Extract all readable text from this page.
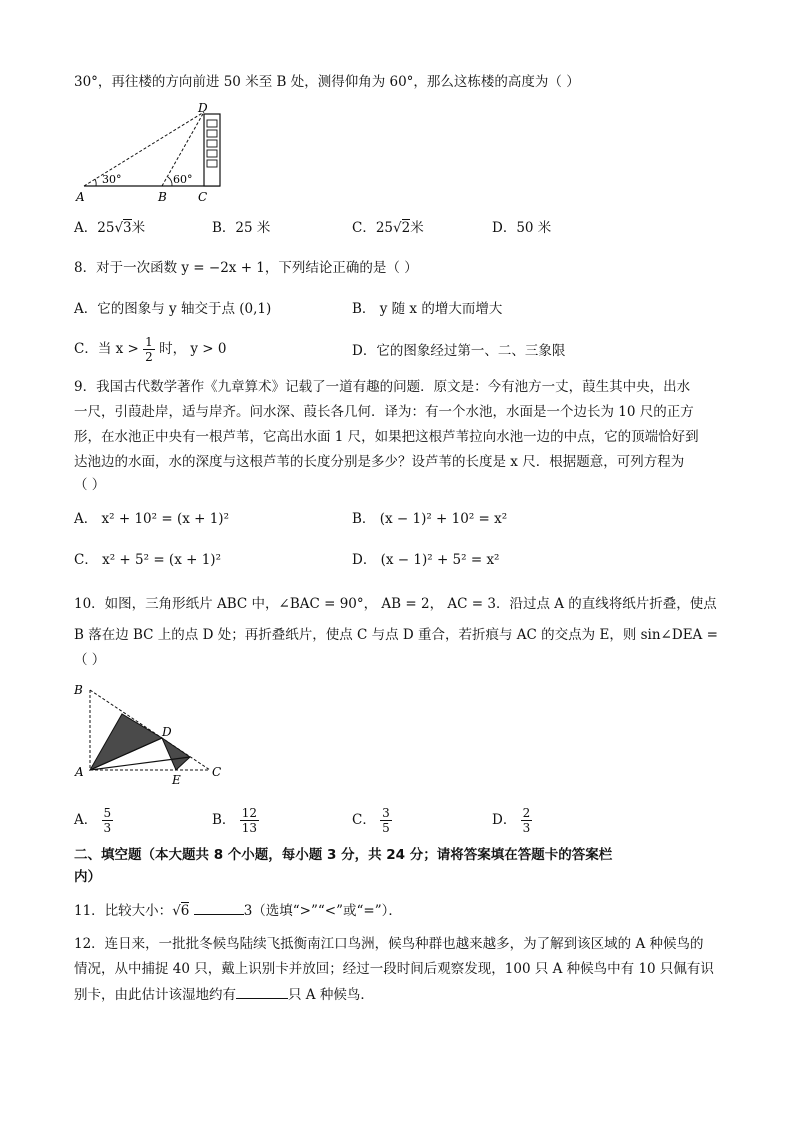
30°，再往楼的方向前进 50 米至 B 处，测得仰角为 60°，那么这栋楼的高度为（ ）
A	B	C
D
30°	60°
A．25√3米	B．25 米	C．25√2米	D．50 米
8．对于一次函数 y = −2x + 1，下列结论正确的是（ ）
A．它的图象与 y 轴交于点 (0,1)	B． y 随 x 的增大而增大
C．当 $x > \frac{1}{2}$ 时， y > 0	D．它的图象经过第一、二、三象限
9．我国古代数学著作《九章算术》记载了一道有趣的问题．原文是：今有池方一丈，葭生其中央，出水
一尺，引葭赴岸，适与岸齐。问水深、葭长各几何．译为：有一个水池，水面是一个边长为 10 尺的正方
形，在水池正中央有一根芦苇，它高出水面 1 尺，如果把这根芦苇拉向水池一边的中点，它的顶端恰好到
达池边的水面，水的深度与这根芦苇的长度分别是多少？设芦苇的长度是 x 尺．根据题意，可列方程为
（ ）
A． x² + 10² = (x + 1)²	B． (x − 1)² + 10² = x²
C． x² + 5² = (x + 1)²	D． (x − 1)² + 5² = x²
10．如图，三角形纸片 ABC 中，∠BAC = 90°， AB = 2， AC = 3．沿过点 A 的直线将纸片折叠，使点
B 落在边 BC 上的点 D 处；再折叠纸片，使点 C 与点 D 重合，若折痕与 AC 的交点为 E，则 sin∠DEA =
（ ）
B
D
A
E
C
A． $\frac{5}{3}$	B． $\frac{12}{13}$	C． $\frac{3}{5}$	D． $\frac{2}{3}$
二、填空题（本大题共 8 个小题，每小题 3 分，共 24 分；请将答案填在答题卡的答案栏
内）
11．比较大小：√6	3（选填“>”“<”或“=”）．
12．连日来，一批批冬候鸟陆续飞抵衡南江口鸟洲，候鸟种群也越来越多，为了解到该区域的 A 种候鸟的
情况，从中捕捉 40 只，戴上识别卡并放回；经过一段时间后观察发现，100 只 A 种候鸟中有 10 只佩有识
别卡，由此估计该湿地约有	只 A 种候鸟．
